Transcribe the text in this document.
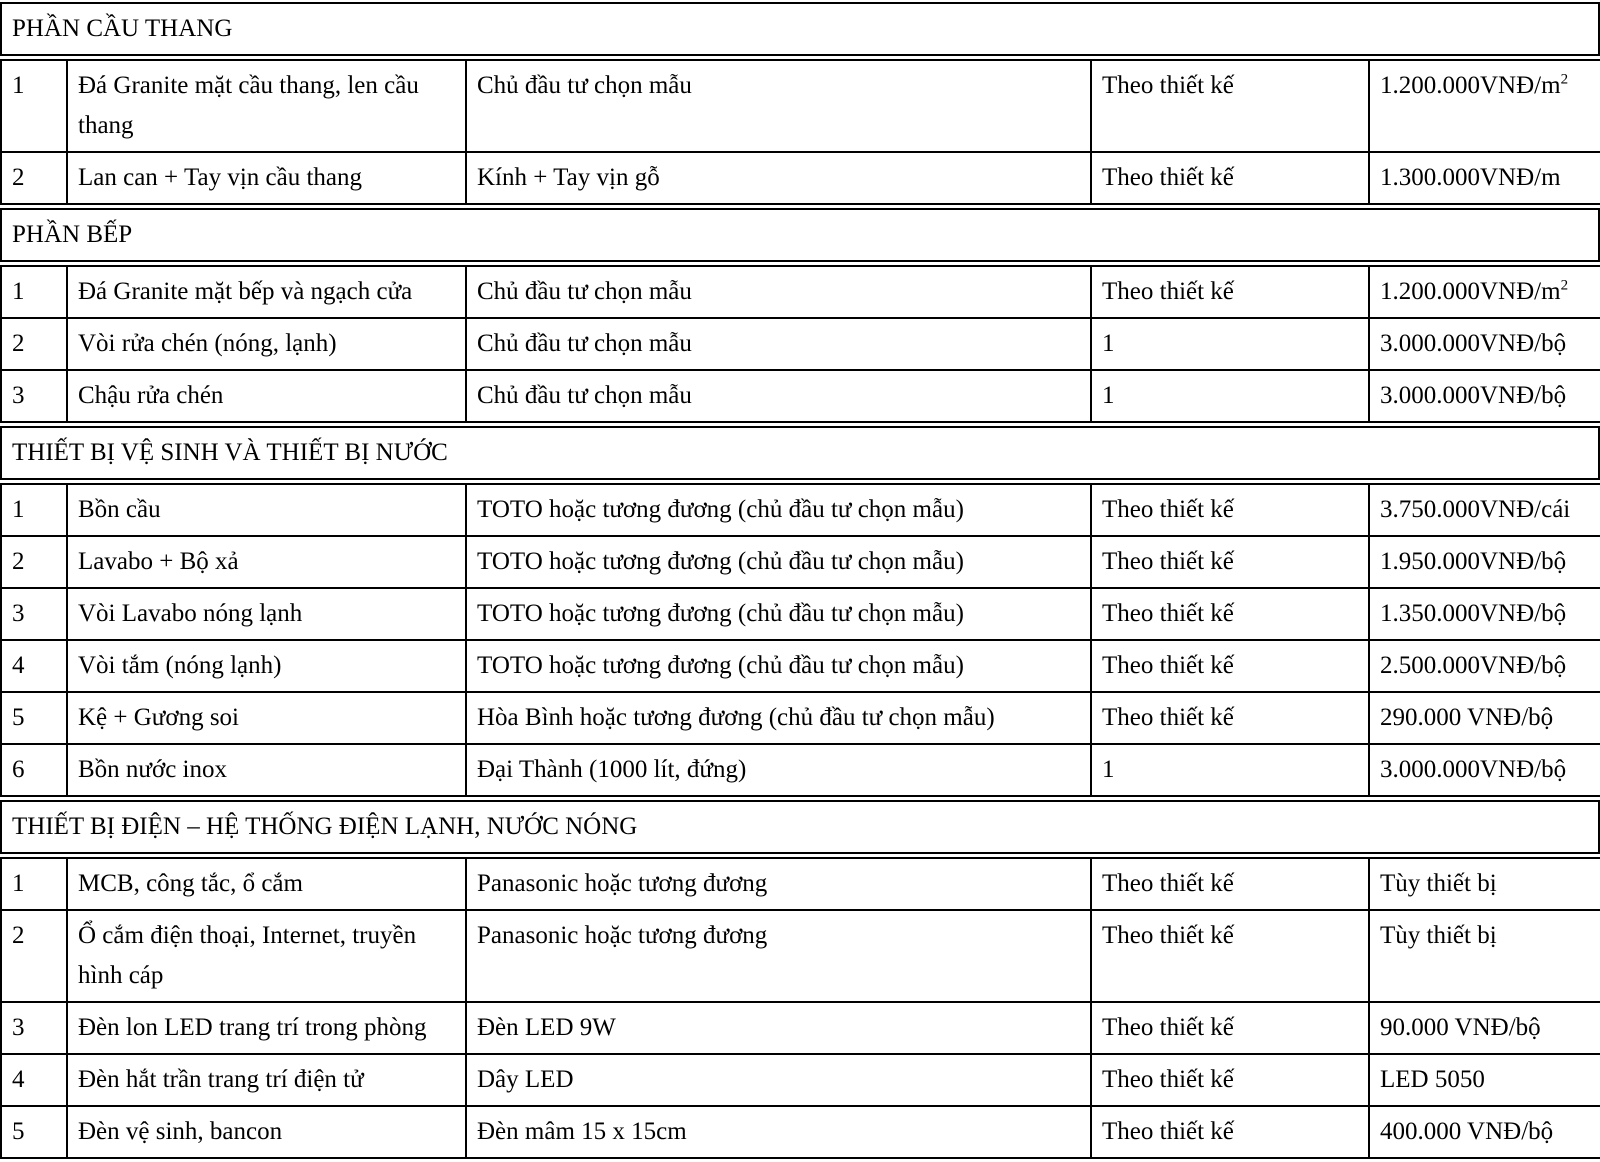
PHẦN CẦU THANG
1	Đá Granite mặt cầu thang, len cầu thang	Chủ đầu tư chọn mẫu	Theo thiết kế	$1.200.000VNĐ/m^2$
2	Lan can + Tay vịn cầu thang	Kính + Tay vịn gỗ	Theo thiết kế	1.300.000VNĐ/m
PHẦN BẾP
1	Đá Granite mặt bếp và ngạch cửa	Chủ đầu tư chọn mẫu	Theo thiết kế	$1.200.000VNĐ/m^2$
2	Vòi rửa chén (nóng, lạnh)	Chủ đầu tư chọn mẫu	1	3.000.000VNĐ/bộ
3	Chậu rửa chén	Chủ đầu tư chọn mẫu	1	3.000.000VNĐ/bộ
THIẾT BỊ VỆ SINH VÀ THIẾT BỊ NƯỚC
1	Bồn cầu	TOTO hoặc tương đương (chủ đầu tư chọn mẫu)	Theo thiết kế	3.750.000VNĐ/cái
2	Lavabo + Bộ xả	TOTO hoặc tương đương (chủ đầu tư chọn mẫu)	Theo thiết kế	1.950.000VNĐ/bộ
3	Vòi Lavabo nóng lạnh	TOTO hoặc tương đương (chủ đầu tư chọn mẫu)	Theo thiết kế	1.350.000VNĐ/bộ
4	Vòi tắm (nóng lạnh)	TOTO hoặc tương đương (chủ đầu tư chọn mẫu)	Theo thiết kế	2.500.000VNĐ/bộ
5	Kệ + Gương soi	Hòa Bình hoặc tương đương (chủ đầu tư chọn mẫu)	Theo thiết kế	290.000 VNĐ/bộ
6	Bồn nước inox	Đại Thành (1000 lít, đứng)	1	3.000.000VNĐ/bộ
THIẾT BỊ ĐIỆN – HỆ THỐNG ĐIỆN LẠNH, NƯỚC NÓNG
1	MCB, công tắc, ổ cắm	Panasonic hoặc tương đương	Theo thiết kế	Tùy thiết bị
2	Ổ cắm điện thoại, Internet, truyền hình cáp	Panasonic hoặc tương đương	Theo thiết kế	Tùy thiết bị
3	Đèn lon LED trang trí trong phòng	Đèn LED 9W	Theo thiết kế	90.000 VNĐ/bộ
4	Đèn hắt trần trang trí điện tử	Dây LED	Theo thiết kế	LED 5050
5	Đèn vệ sinh, bancon	Đèn mâm 15 x 15cm	Theo thiết kế	400.000 VNĐ/bộ
